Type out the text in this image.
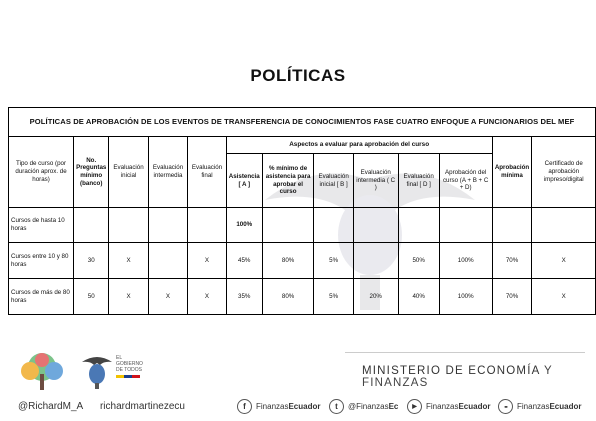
POLÍTICAS
POLÍTICAS DE APROBACIÓN DE LOS EVENTOS DE TRANSFERENCIA DE CONOCIMIENTOS FASE CUATRO ENFOQUE A FUNCIONARIOS DEL MEF												
Tipo de curso (por duración aprox. de horas)	No. Preguntas mínimo (banco)	Evaluación inicial	Evaluación intermedia	Evaluación final	Aspectos a evaluar para aprobación del curso						Aprobación mínima	Certificado de aprobación impreso/digital
					Asistencia [ A ]	% mínimo de asistencia para aprobar el curso	Evaluación inicial [ B ]	Evaluación intermedia ( C )	Evaluación final [ D ]	Aprobación del curso (A + B + C + D)		
Cursos de hasta 10 horas					100%							
Cursos entre 10 y 80 horas	30	X		X	45%	80%	5%		50%	100%	70%	X
Cursos de más de 80 horas	50	X	X	X	35%	80%	5%	20%	40%	100%	70%	X
EL
GOBIERNO
DE TODOS	MINISTERIO DE ECONOMÍA Y FINANZAS
@RichardM_A richardmartinezecu	f	Finanzas Ecuador	t	@Finanzas Ec	▶	Finanzas Ecuador	●●	Finanzas Ecuador
